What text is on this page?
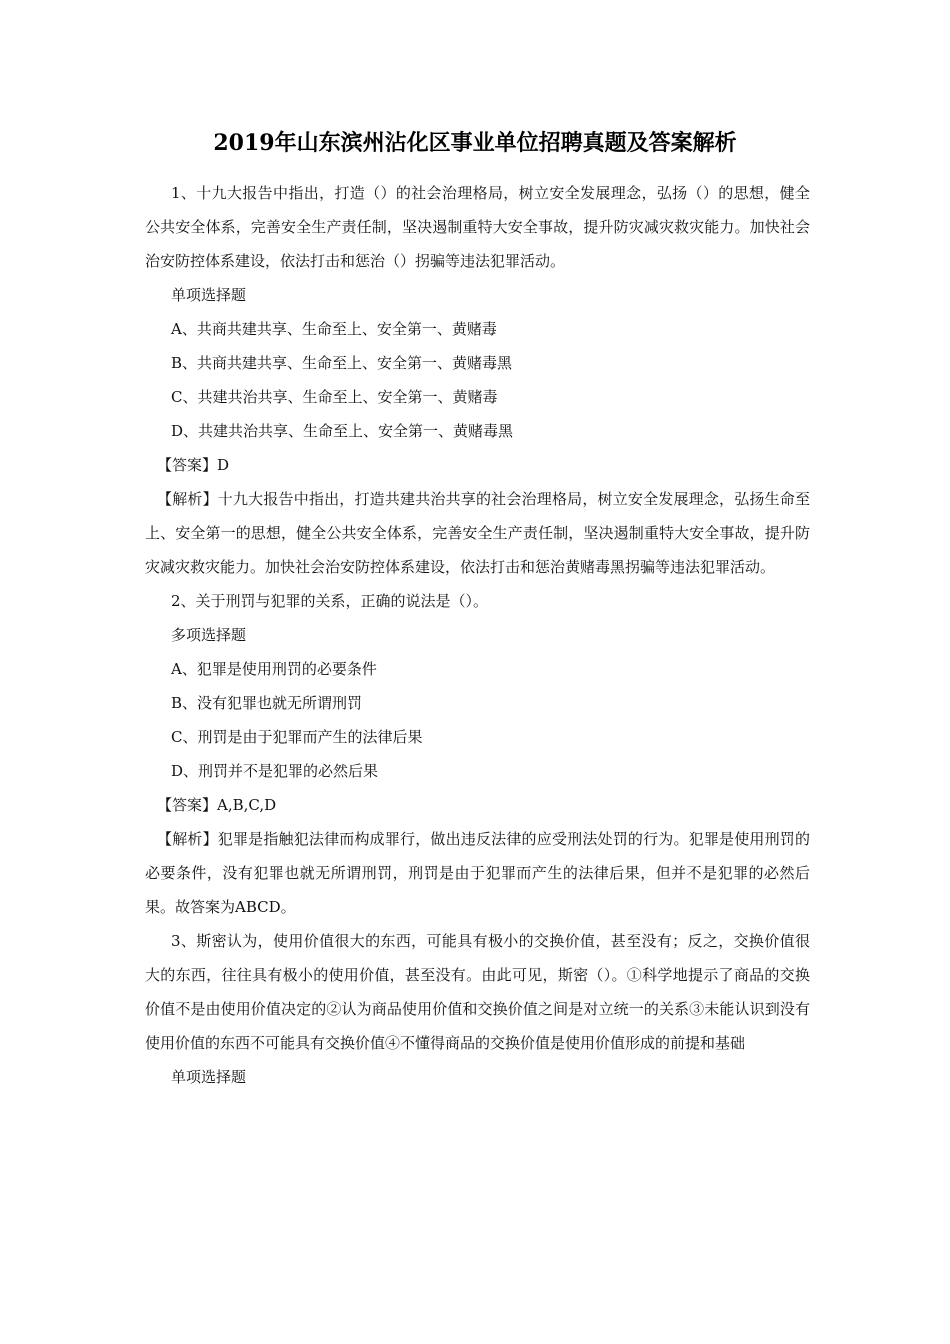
2019年山东滨州沾化区事业单位招聘真题及答案解析

1、十九大报告中指出，打造（）的社会治理格局，树立安全发展理念，弘扬（）的思想，健全公共安全体系，完善安全生产责任制，坚决遏制重特大安全事故，提升防灾减灾救灾能力。加快社会治安防控体系建设，依法打击和惩治（）拐骗等违法犯罪活动。

单项选择题

A、共商共建共享、生命至上、安全第一、黄赌毒

B、共商共建共享、生命至上、安全第一、黄赌毒黑

C、共建共治共享、生命至上、安全第一、黄赌毒

D、共建共治共享、生命至上、安全第一、黄赌毒黑

【答案】D

【解析】十九大报告中指出，打造共建共治共享的社会治理格局，树立安全发展理念，弘扬生命至上、安全第一的思想，健全公共安全体系，完善安全生产责任制，坚决遏制重特大安全事故，提升防灾减灾救灾能力。加快社会治安防控体系建设，依法打击和惩治黄赌毒黑拐骗等违法犯罪活动。

2、关于刑罚与犯罪的关系，正确的说法是（）。

多项选择题

A、犯罪是使用刑罚的必要条件

B、没有犯罪也就无所谓刑罚

C、刑罚是由于犯罪而产生的法律后果

D、刑罚并不是犯罪的必然后果

【答案】A,B,C,D

【解析】犯罪是指触犯法律而构成罪行，做出违反法律的应受刑法处罚的行为。犯罪是使用刑罚的必要条件，没有犯罪也就无所谓刑罚，刑罚是由于犯罪而产生的法律后果，但并不是犯罪的必然后果。故答案为ABCD。

3、斯密认为，使用价值很大的东西，可能具有极小的交换价值，甚至没有；反之，交换价值很大的东西，往往具有极小的使用价值，甚至没有。由此可见，斯密（）。①科学地提示了商品的交换价值不是由使用价值决定的②认为商品使用价值和交换价值之间是对立统一的关系③未能认识到没有使用价值的东西不可能具有交换价值④不懂得商品的交换价值是使用价值形成的前提和基础

单项选择题
